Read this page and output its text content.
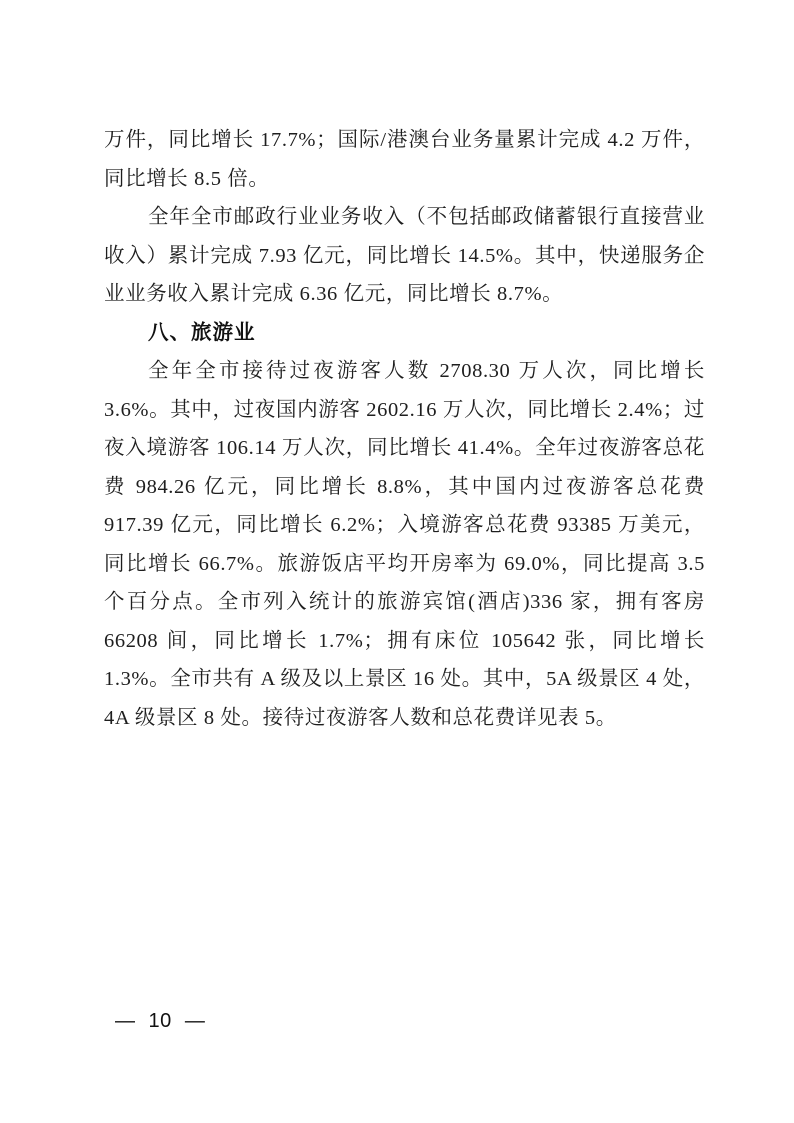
万件，同比增长 17.7%；国际/港澳台业务量累计完成 4.2 万件，同比增长 8.5 倍。

全年全市邮政行业业务收入（不包括邮政储蓄银行直接营业收入）累计完成 7.93 亿元，同比增长 14.5%。其中，快递服务企业业务收入累计完成 6.36 亿元，同比增长 8.7%。

八、旅游业

全年全市接待过夜游客人数 2708.30 万人次，同比增长 3.6%。其中，过夜国内游客 2602.16 万人次，同比增长 2.4%；过夜入境游客 106.14 万人次，同比增长 41.4%。全年过夜游客总花费 984.26 亿元，同比增长 8.8%，其中国内过夜游客总花费 917.39 亿元，同比增长 6.2%；入境游客总花费 93385 万美元，同比增长 66.7%。旅游饭店平均开房率为 69.0%，同比提高 3.5 个百分点。全市列入统计的旅游宾馆(酒店)336 家，拥有客房 66208 间，同比增长 1.7%；拥有床位 105642 张，同比增长 1.3%。全市共有 A 级及以上景区 16 处。其中，5A 级景区 4 处，4A 级景区 8 处。接待过夜游客人数和总花费详见表 5。

— 10 —
